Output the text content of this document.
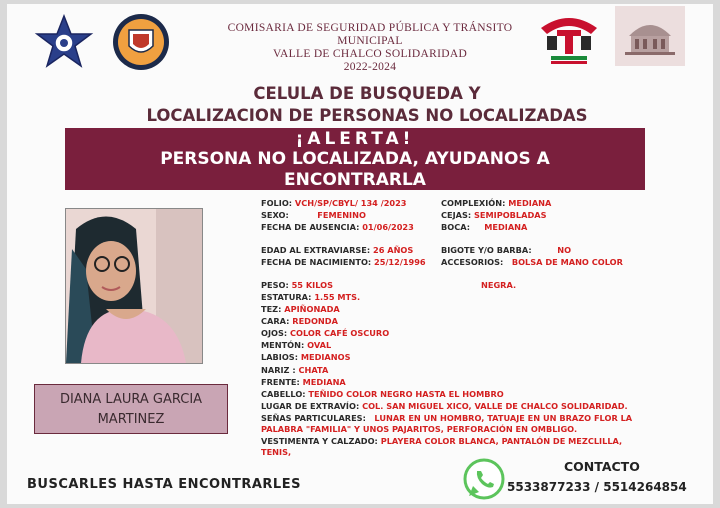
COMISARIA DE SEGURIDAD PÚBLICA Y TRÁNSITO
MUNICIPAL
VALLE DE CHALCO SOLIDARIDAD
2022-2024
CELULA DE BUSQUEDA Y
LOCALIZACION DE PERSONAS NO LOCALIZADAS
¡ALERTA!
PERSONA NO LOCALIZADA, AYUDANOS A
ENCONTRARLA
DIANA LAURA GARCIA
MARTINEZ
FOLIO: VCH/SP/CBYL/ 134 /2023	COMPLEXIÓN: MEDIANA
SEXO:	FEMENINO	CEJAS: SEMIPOBLADAS
FECHA DE AUSENCIA: 01/06/2023	BOCA: MEDIANA
EDAD AL EXTRAVIARSE: 26 AÑOS	BIGOTE Y/O BARBA:	NO
FECHA DE NACIMIENTO: 25/12/1996 ACCESORIOS: BOLSA DE MANO COLOR
PESO: 55 KILOS	NEGRA.
ESTATURA: 1.55 MTS.
TEZ: APIÑONADA
CARA: REDONDA
OJOS: COLOR CAFÉ OSCURO
MENTÓN: OVAL
LABIOS: MEDIANOS
NARIZ : CHATA
FRENTE: MEDIANA
CABELLO: TEÑIDO COLOR NEGRO HASTA EL HOMBRO
LUGAR DE EXTRAVÍO: COL. SAN MIGUEL XICO, VALLE DE CHALCO SOLIDARIDAD.
SEÑAS PARTICULARES: LUNAR EN UN HOMBRO, TATUAJE EN UN BRAZO FLOR LA
PALABRA "FAMILIA" Y UNOS PAJARITOS, PERFORACIÓN EN OMBLIGO.
VESTIMENTA Y CALZADO: PLAYERA COLOR BLANCA, PANTALÓN DE MEZCLILLA,
TENIS,
BUSCARLES HASTA ENCONTRARLES
CONTACTO
5533877233 / 5514264854
